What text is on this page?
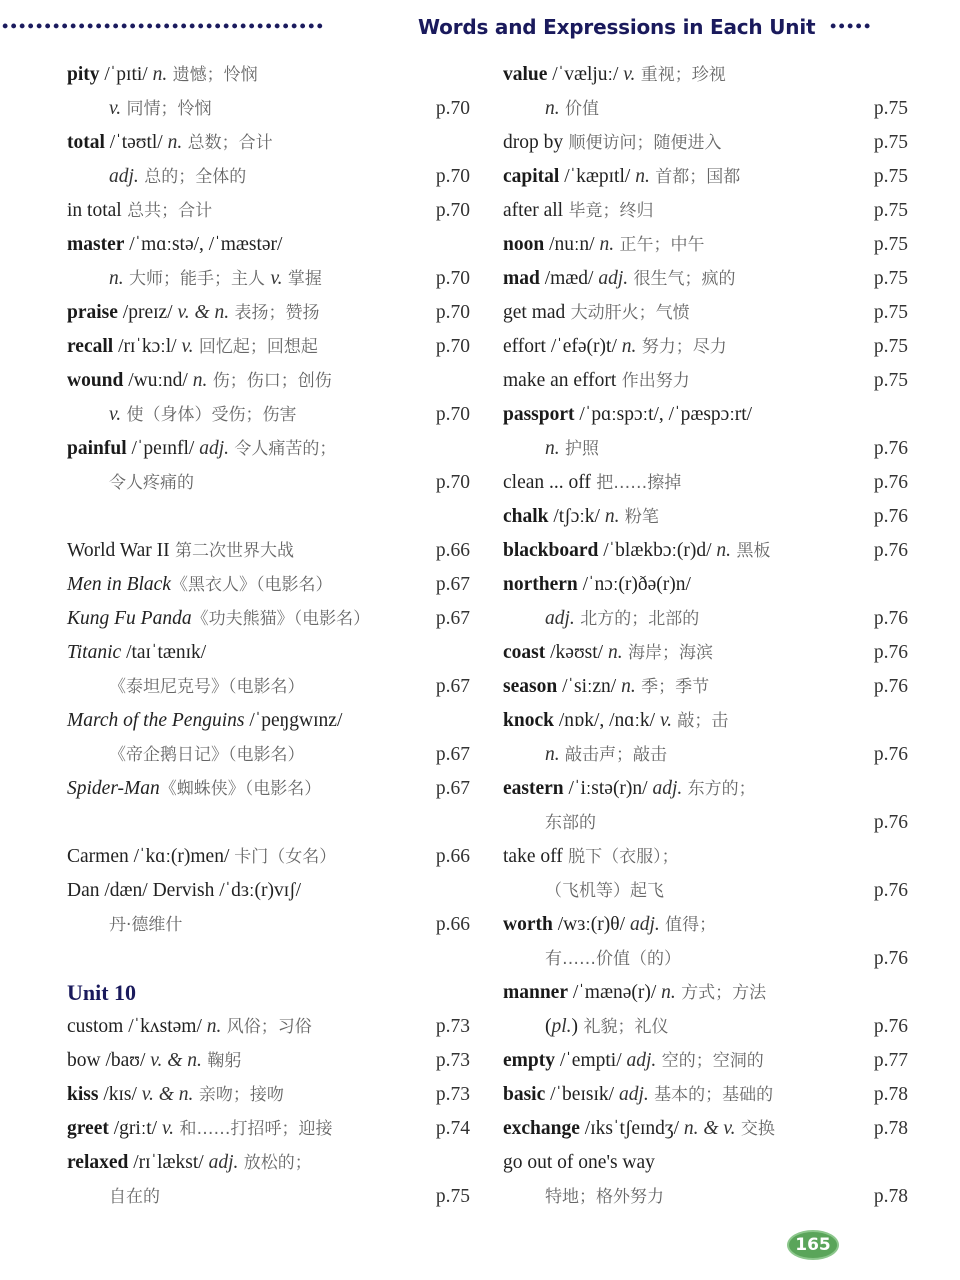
••••••••••••••••••••••••••••••••••••••	Words and Expressions in Each Unit •••••
pity /ˈpɪti/ n. 遗憾；怜悯
v. 同情；怜悯	p.70
total /ˈtəʊtl/ n. 总数；合计
adj. 总的；全体的	p.70
in total 总共；合计	p.70
master /ˈmɑːstə/, /ˈmæstər/
n. 大师；能手；主人 v. 掌握	p.70
praise /preɪz/ v. & n. 表扬；赞扬	p.70
recall /rɪˈkɔːl/ v. 回忆起；回想起	p.70
wound /wuːnd/ n. 伤；伤口；创伤
v. 使（身体）受伤；伤害	p.70
painful /ˈpeɪnfl/ adj. 令人痛苦的；
令人疼痛的	p.70
World War II 第二次世界大战	p.66
Men in Black《黑衣人》（电影名）	p.67
Kung Fu Panda《功夫熊猫》（电影名）	p.67
Titanic /taɪˈtænɪk/
《泰坦尼克号》（电影名）	p.67
March of the Penguins /ˈpeŋgwɪnz/
《帝企鹅日记》（电影名）	p.67
Spider-Man《蜘蛛侠》（电影名）	p.67
Carmen /ˈkɑː(r)men/ 卡门（女名）	p.66
Dan /dæn/ Dervish /ˈdɜː(r)vɪʃ/
丹·德维什	p.66
Unit 10
custom /ˈkʌstəm/ n. 风俗；习俗	p.73
bow /baʊ/ v. & n. 鞠躬	p.73
kiss /kɪs/ v. & n. 亲吻；接吻	p.73
greet /griːt/ v. 和……打招呼；迎接	p.74
relaxed /rɪˈlækst/ adj. 放松的；
自在的	p.75
value /ˈvæljuː/ v. 重视；珍视
n. 价值	p.75
drop by 顺便访问；随便进入	p.75
capital /ˈkæpɪtl/ n. 首都；国都	p.75
after all 毕竟；终归	p.75
noon /nuːn/ n. 正午；中午	p.75
mad /mæd/ adj. 很生气；疯的	p.75
get mad 大动肝火；气愤	p.75
effort /ˈefə(r)t/ n. 努力；尽力	p.75
make an effort 作出努力	p.75
passport /ˈpɑːspɔːt/, /ˈpæspɔːrt/
n. 护照	p.76
clean ... off 把……擦掉	p.76
chalk /tʃɔːk/ n. 粉笔	p.76
blackboard /ˈblækbɔː(r)d/ n. 黑板	p.76
northern /ˈnɔː(r)ðə(r)n/
adj. 北方的；北部的	p.76
coast /kəʊst/ n. 海岸；海滨	p.76
season /ˈsiːzn/ n. 季；季节	p.76
knock /nɒk/, /nɑːk/ v. 敲；击
n. 敲击声；敲击	p.76
eastern /ˈiːstə(r)n/ adj. 东方的；
东部的	p.76
take off 脱下（衣服）；
（飞机等）起飞	p.76
worth /wɜː(r)θ/ adj. 值得；
有……价值（的）	p.76
manner /ˈmænə(r)/ n. 方式；方法
(pl.) 礼貌；礼仪	p.76
empty /ˈempti/ adj. 空的；空洞的	p.77
basic /ˈbeɪsɪk/ adj. 基本的；基础的	p.78
exchange /ɪksˈtʃeɪndʒ/ n. & v. 交换	p.78
go out of one's way
特地；格外努力	p.78
165
